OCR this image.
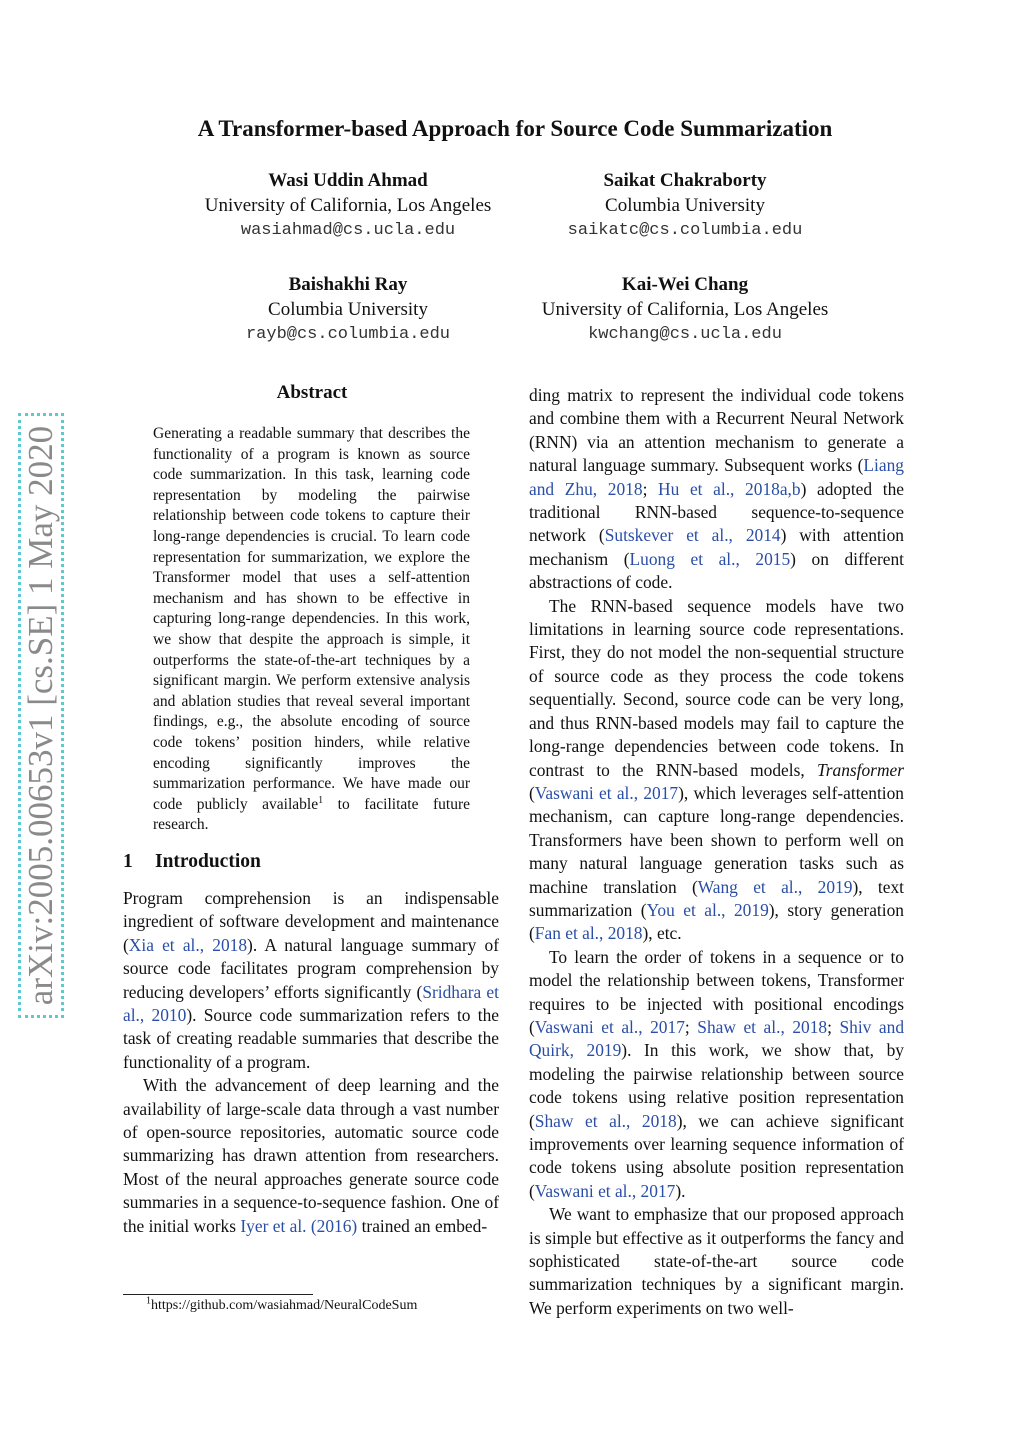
A Transformer-based Approach for Source Code Summarization
Wasi Uddin Ahmad
University of California, Los Angeles
wasiahmad@cs.ucla.edu
Saikat Chakraborty
Columbia University
saikatc@cs.columbia.edu
Baishakhi Ray
Columbia University
rayb@cs.columbia.edu
Kai-Wei Chang
University of California, Los Angeles
kwchang@cs.ucla.edu
arXiv:2005.00653v1 [cs.SE] 1 May 2020
Abstract

Generating a readable summary that describes the functionality of a program is known as source code summarization. In this task, learning code representation by modeling the pairwise relationship between code tokens to capture their long-range dependencies is crucial. To learn code representation for summarization, we explore the Transformer model that uses a self-attention mechanism and has shown to be effective in capturing long-range dependencies. In this work, we show that despite the approach is simple, it outperforms the state-of-the-art techniques by a significant margin. We perform extensive analysis and ablation studies that reveal several important findings, e.g., the absolute encoding of source code tokens’ position hinders, while relative encoding significantly improves the summarization performance. We have made our code publicly available$^1$ to facilitate future research.

1 Introduction

Program comprehension is an indispensable ingredient of software development and maintenance (Xia et al., 2018). A natural language summary of source code facilitates program comprehension by reducing developers’ efforts significantly (Sridhara et al., 2010). Source code summarization refers to the task of creating readable summaries that describe the functionality of a program.

With the advancement of deep learning and the availability of large-scale data through a vast number of open-source repositories, automatic source code summarizing has drawn attention from researchers. Most of the neural approaches generate source code summaries in a sequence-to-sequence fashion. One of the initial works Iyer et al. (2016) trained an embed-

ding matrix to represent the individual code tokens and combine them with a Recurrent Neural Network (RNN) via an attention mechanism to generate a natural language summary. Subsequent works (Liang and Zhu, 2018; Hu et al., 2018a,b) adopted the traditional RNN-based sequence-to-sequence network (Sutskever et al., 2014) with attention mechanism (Luong et al., 2015) on different abstractions of code.

The RNN-based sequence models have two limitations in learning source code representations. First, they do not model the non-sequential structure of source code as they process the code tokens sequentially. Second, source code can be very long, and thus RNN-based models may fail to capture the long-range dependencies between code tokens. In contrast to the RNN-based models, Transformer (Vaswani et al., 2017), which leverages self-attention mechanism, can capture long-range dependencies. Transformers have been shown to perform well on many natural language generation tasks such as machine translation (Wang et al., 2019), text summarization (You et al., 2019), story generation (Fan et al., 2018), etc.

To learn the order of tokens in a sequence or to model the relationship between tokens, Transformer requires to be injected with positional encodings (Vaswani et al., 2017; Shaw et al., 2018; Shiv and Quirk, 2019). In this work, we show that, by modeling the pairwise relationship between source code tokens using relative position representation (Shaw et al., 2018), we can achieve significant improvements over learning sequence information of code tokens using absolute position representation (Vaswani et al., 2017).

We want to emphasize that our proposed approach is simple but effective as it outperforms the fancy and sophisticated state-of-the-art source code summarization techniques by a significant margin. We perform experiments on two well-

$^1$https://github.com/wasiahmad/NeuralCodeSum
